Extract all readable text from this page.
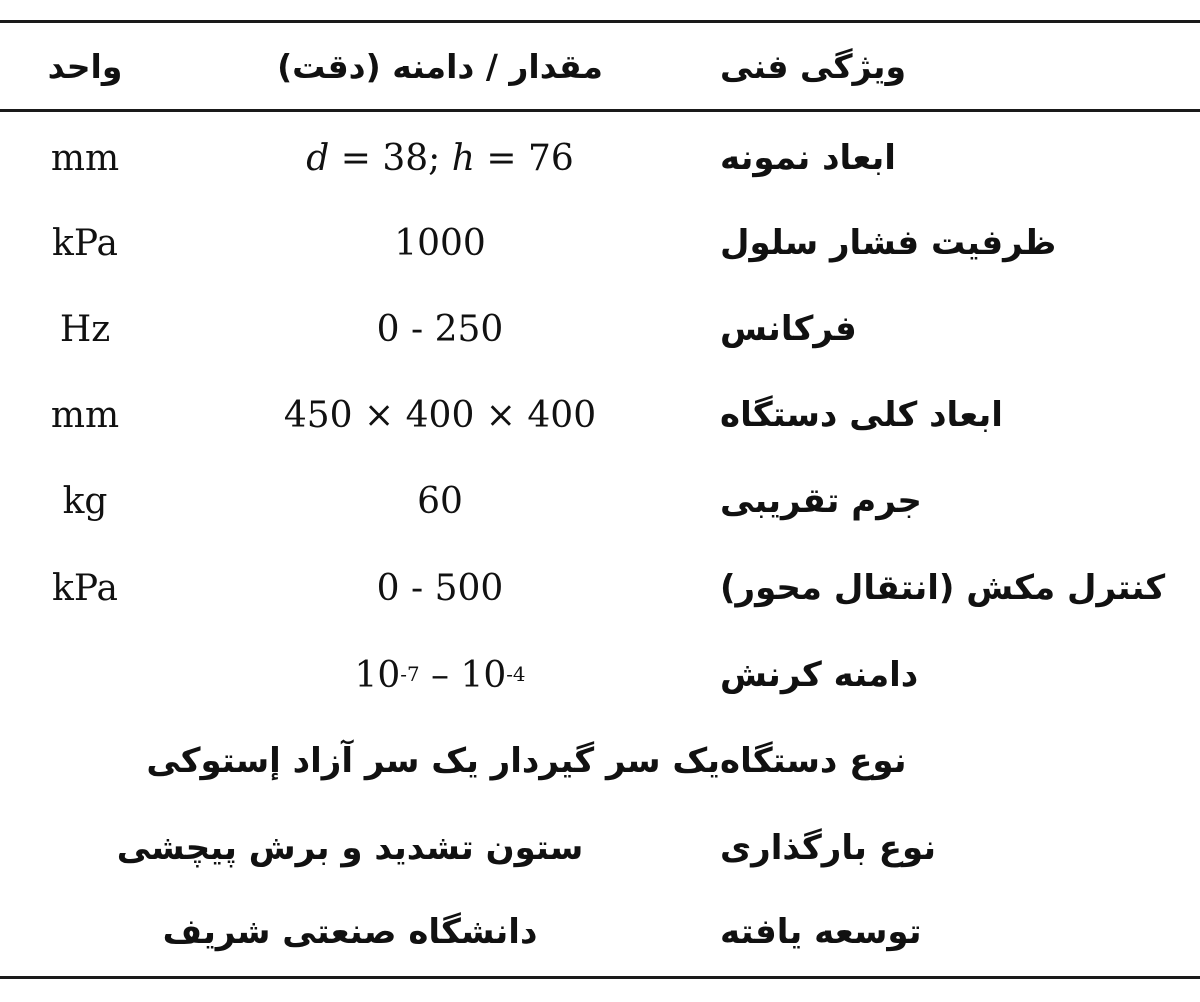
ویژگی فنی
مقدار / دامنه (دقت)
واحد
ابعاد نمونه
d = 38; h = 76
mm
ظرفیت فشار سلول
1000
kPa
فرکانس
0 - 250
Hz
ابعاد کلی دستگاه
450 × 400 × 400
mm
جرم تقریبی
60
kg
کنترل مکش (انتقال محور)
0 - 500
kPa
دامنه کرنش
10 -7 – 10 -4
نوع دستگاه
یک سر گیردار یک سر آزاد إستوکی
نوع بارگذاری
ستون تشدید و برش پیچشی
توسعه یافته
دانشگاه صنعتی شریف
